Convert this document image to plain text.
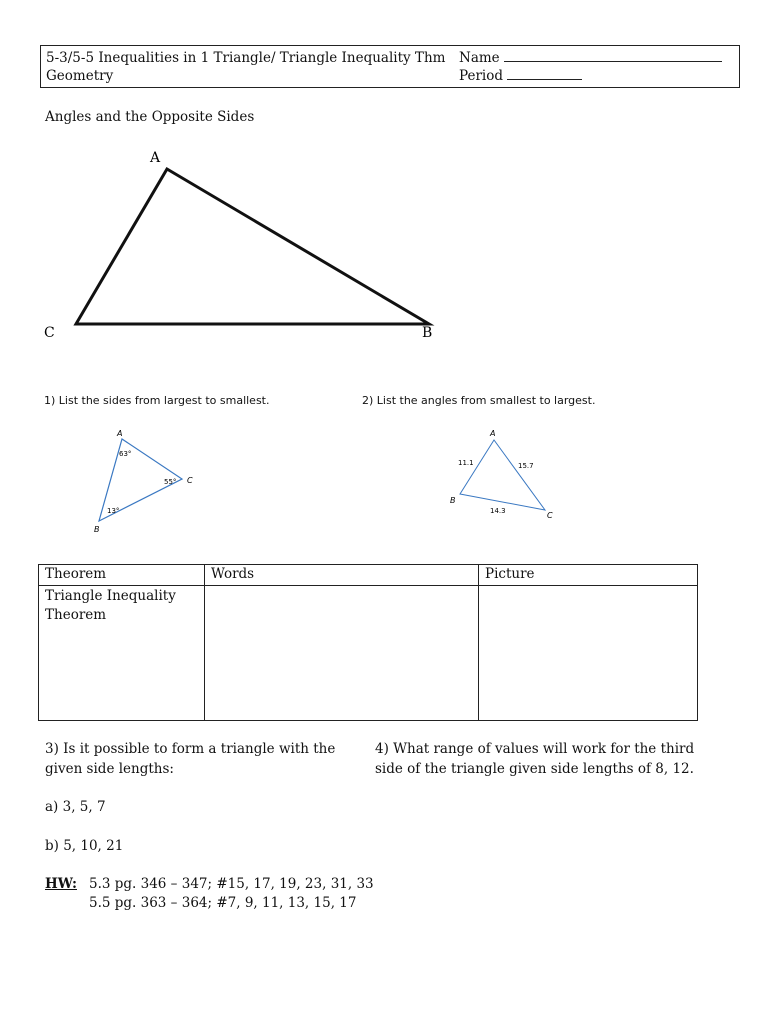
5-3/5-5 Inequalities in 1 Triangle/ Triangle Inequality Thm
Geometry
Name
Period
Angles and the Opposite Sides
A
B
C
1) List the sides from largest to smallest.
A
B
C
63°
55°
13°
2) List the angles from smallest to largest.
A
B
C
11.1	15.7
14.3
Theorem	Words	Picture
Triangle Inequality Theorem		
3) Is it possible to form a triangle with the
given side lengths:
a) 3, 5, 7
b) 5, 10, 21
4) What range of values will work for the third
side of the triangle given side lengths of 8, 12.
HW: 5.3 pg. 346 – 347; #15, 17, 19, 23, 31, 33
5.5 pg. 363 – 364; #7, 9, 11, 13, 15, 17
